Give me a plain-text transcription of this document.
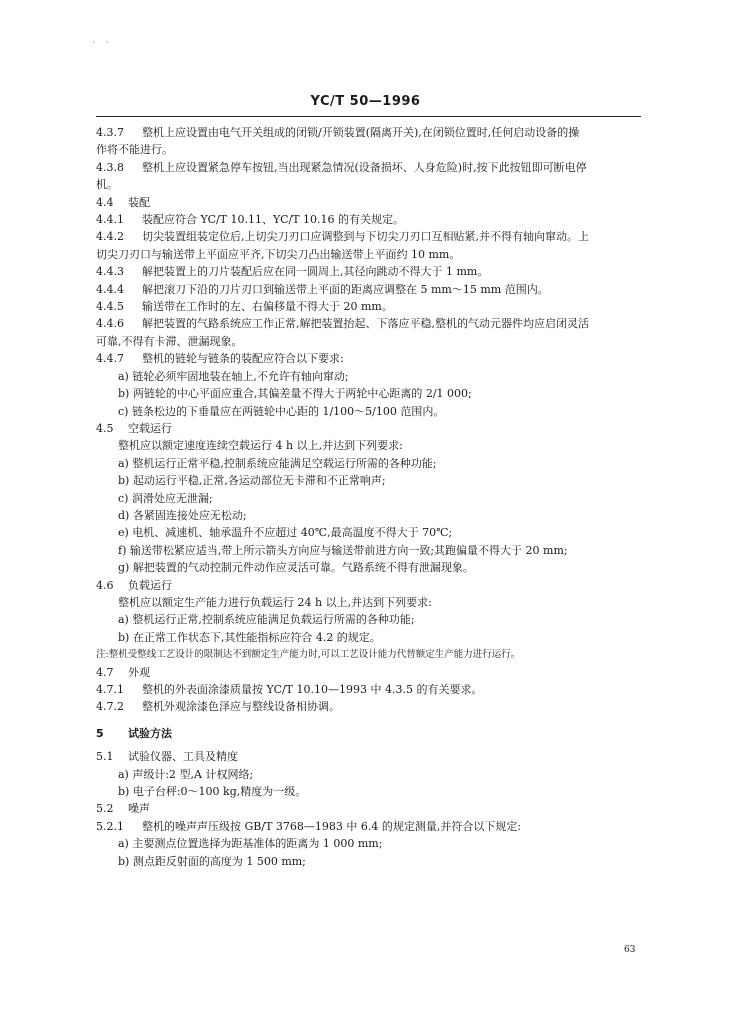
· ·
YC/T 50—1996
4.3.7 整机上应设置由电气开关组成的闭锁/开锁装置(隔离开关),在闭锁位置时,任何启动设备的操
作将不能进行。
4.3.8 整机上应设置紧急停车按钮,当出现紧急情况(设备损坏、人身危险)时,按下此按钮即可断电停
机。
4.4 装配
4.4.1 装配应符合 YC/T 10.11、YC/T 10.16 的有关规定。
4.4.2 切尖装置组装定位后,上切尖刀刃口应调整到与下切尖刀刃口互相贴紧,并不得有轴向窜动。上
切尖刀刃口与输送带上平面应平齐,下切尖刀凸出输送带上平面约 10 mm。
4.4.3 解把装置上的刀片装配后应在同一圆周上,其径向跳动不得大于 1 mm。
4.4.4 解把滚刀下沿的刀片刃口到输送带上平面的距离应调整在 5 mm～15 mm 范围内。
4.4.5 输送带在工作时的左、右偏移量不得大于 20 mm。
4.4.6 解把装置的气路系统应工作正常,解把装置抬起、下落应平稳,整机的气动元器件均应启闭灵活
可靠,不得有卡滞、泄漏现象。
4.4.7 整机的链轮与链条的装配应符合以下要求:
a) 链轮必须牢固地装在轴上,不允许有轴向窜动;
b) 两链轮的中心平面应重合,其偏差量不得大于两轮中心距离的 2/1 000;
c) 链条松边的下垂量应在两链轮中心距的 1/100～5/100 范围内。
4.5 空载运行
整机应以额定速度连续空载运行 4 h 以上,并达到下列要求:
a) 整机运行正常平稳,控制系统应能满足空载运行所需的各种功能;
b) 起动运行平稳,正常,各运动部位无卡滞和不正常响声;
c) 润滑处应无泄漏;
d) 各紧固连接处应无松动;
e) 电机、减速机、轴承温升不应超过 40℃,最高温度不得大于 70℃;
f) 输送带松紧应适当,带上所示箭头方向应与输送带前进方向一致;其跑偏量不得大于 20 mm;
g) 解把装置的气动控制元件动作应灵活可靠。气路系统不得有泄漏现象。
4.6 负载运行
整机应以额定生产能力进行负载运行 24 h 以上,并达到下列要求:
a) 整机运行正常,控制系统应能满足负载运行所需的各种功能;
b) 在正常工作状态下,其性能指标应符合 4.2 的规定。
注:整机受整线工艺设计的限制达不到额定生产能力时,可以工艺设计能力代替额定生产能力进行运行。
4.7 外观
4.7.1 整机的外表面涂漆质量按 YC/T 10.10—1993 中 4.3.5 的有关要求。
4.7.2 整机外观涂漆色泽应与整线设备相协调。
5 试验方法
5.1 试验仪器、工具及精度
a) 声级计:2 型,A 计权网络;
b) 电子台秤:0～100 kg,精度为一级。
5.2 噪声
5.2.1 整机的噪声声压级按 GB/T 3768—1983 中 6.4 的规定测量,并符合以下规定:
a) 主要测点位置选择为距基准体的距离为 1 000 mm;
b) 测点距反射面的高度为 1 500 mm;
63
